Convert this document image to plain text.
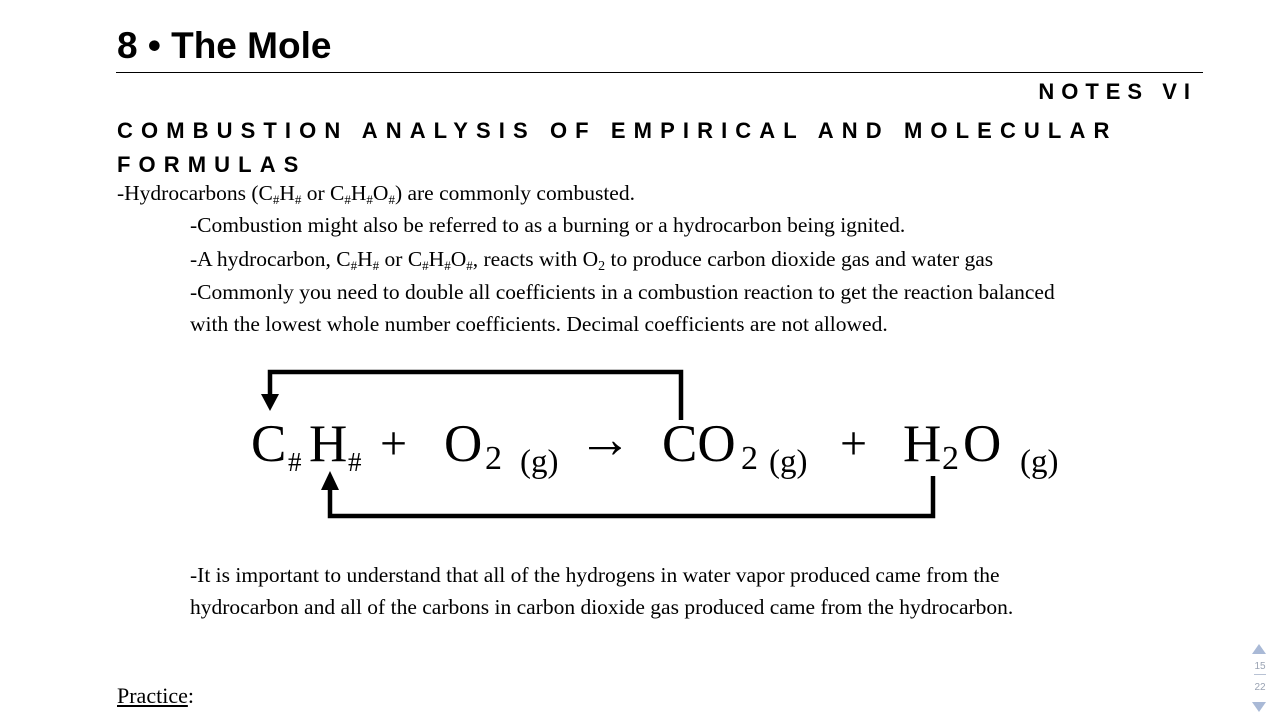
8 • The Mole
NOTES VI
COMBUSTION ANALYSIS OF EMPIRICAL AND MOLECULAR FORMULAS

-Hydrocarbons ($C_{\#}H_{\#}$ or $C_{\#}H_{\#}O_{\#}$) are commonly combusted.

-Combustion might also be referred to as a burning or a hydrocarbon being ignited.

-A hydrocarbon, $C_{\#}H_{\#}$ or $C_{\#}H_{\#}O_{\#}$, reacts with $O_2$ to produce carbon dioxide gas and water gas

-Commonly you need to double all coefficients in a combustion reaction to get the reaction balanced
with the lowest whole number coefficients. Decimal coefficients are not allowed.

C # H # + O 2 (g) → CO 2 (g) + H 2 O (g)

-It is important to understand that all of the hydrogens in water vapor produced came from the
hydrocarbon and all of the carbons in carbon dioxide gas produced came from the hydrocarbon.

Practice:
15
22
